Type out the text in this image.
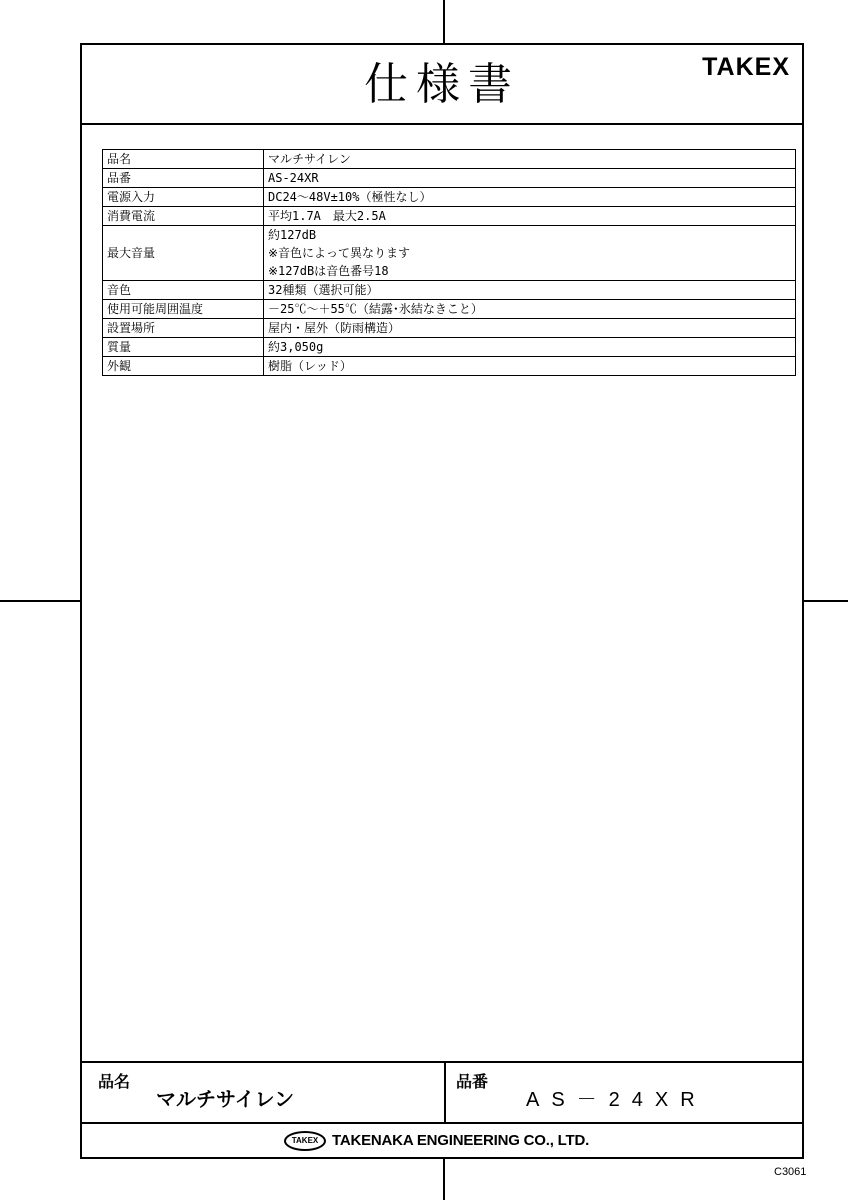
仕様書	TAKEX
品名	マルチサイレン
品番	AS-24XR
電源入力	DC24～48V±10%（極性なし）
消費電流	平均1.7A　最大2.5A
最大音量	約127dB
※音色によって異なります
※127dBは音色番号18
音色	32種類（選択可能）
使用可能周囲温度	－25℃～＋55℃（結露･氷結なきこと）
設置場所	屋内・屋外（防雨構造）
質量	約3,050g
外観	樹脂（レッド）
品名
マルチサイレン
品番
AS－24XR
TAKEX TAKENAKA ENGINEERING CO., LTD.
C3061
